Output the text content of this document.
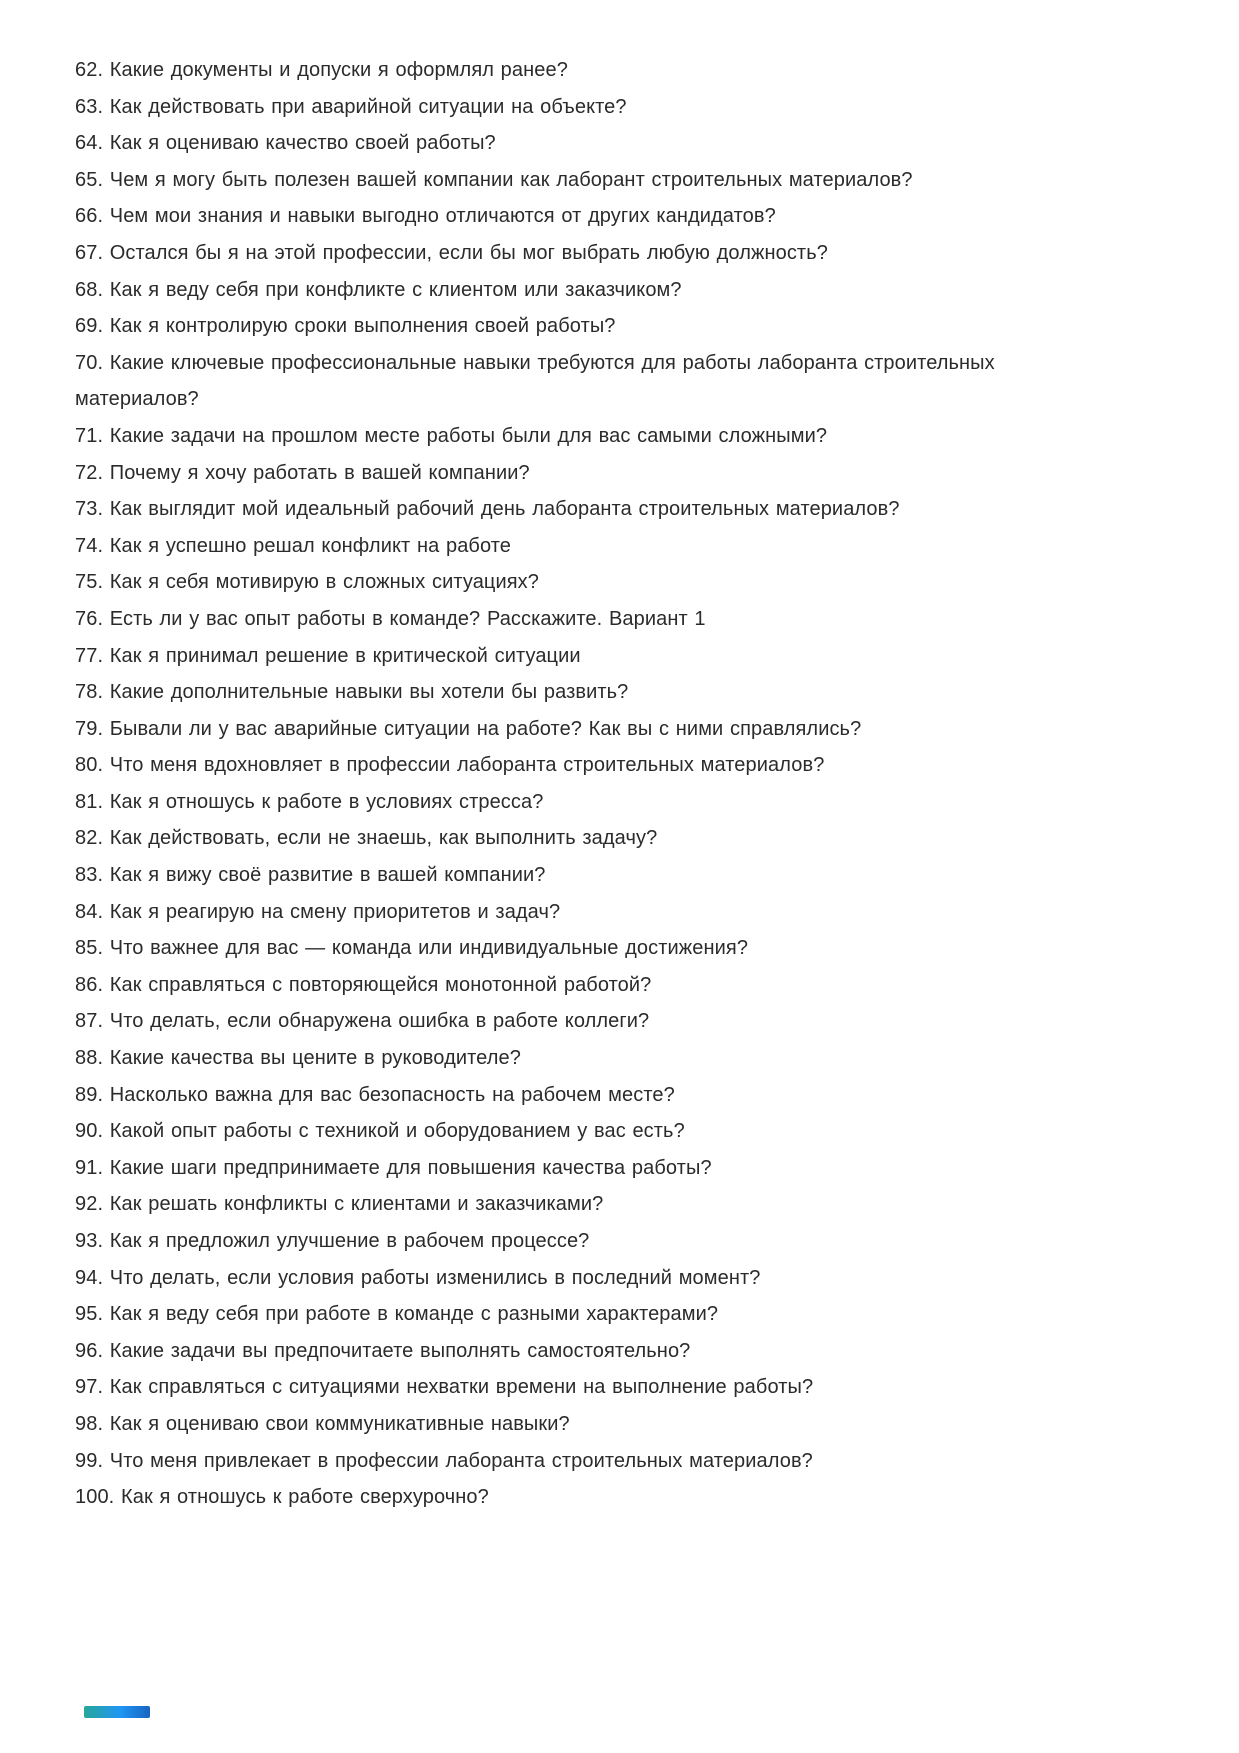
62. Какие документы и допуски я оформлял ранее?

63. Как действовать при аварийной ситуации на объекте?

64. Как я оцениваю качество своей работы?

65. Чем я могу быть полезен вашей компании как лаборант строительных материалов?

66. Чем мои знания и навыки выгодно отличаются от других кандидатов?

67. Остался бы я на этой профессии, если бы мог выбрать любую должность?

68. Как я веду себя при конфликте с клиентом или заказчиком?

69. Как я контролирую сроки выполнения своей работы?

70. Какие ключевые профессиональные навыки требуются для работы лаборанта строительных материалов?

71. Какие задачи на прошлом месте работы были для вас самыми сложными?

72. Почему я хочу работать в вашей компании?

73. Как выглядит мой идеальный рабочий день лаборанта строительных материалов?

74. Как я успешно решал конфликт на работе

75. Как я себя мотивирую в сложных ситуациях?

76. Есть ли у вас опыт работы в команде? Расскажите. Вариант 1

77. Как я принимал решение в критической ситуации

78. Какие дополнительные навыки вы хотели бы развить?

79. Бывали ли у вас аварийные ситуации на работе? Как вы с ними справлялись?

80. Что меня вдохновляет в профессии лаборанта строительных материалов?

81. Как я отношусь к работе в условиях стресса?

82. Как действовать, если не знаешь, как выполнить задачу?

83. Как я вижу своё развитие в вашей компании?

84. Как я реагирую на смену приоритетов и задач?

85. Что важнее для вас — команда или индивидуальные достижения?

86. Как справляться с повторяющейся монотонной работой?

87. Что делать, если обнаружена ошибка в работе коллеги?

88. Какие качества вы цените в руководителе?

89. Насколько важна для вас безопасность на рабочем месте?

90. Какой опыт работы с техникой и оборудованием у вас есть?

91. Какие шаги предпринимаете для повышения качества работы?

92. Как решать конфликты с клиентами и заказчиками?

93. Как я предложил улучшение в рабочем процессе?

94. Что делать, если условия работы изменились в последний момент?

95. Как я веду себя при работе в команде с разными характерами?

96. Какие задачи вы предпочитаете выполнять самостоятельно?

97. Как справляться с ситуациями нехватки времени на выполнение работы?

98. Как я оцениваю свои коммуникативные навыки?

99. Что меня привлекает в профессии лаборанта строительных материалов?

100. Как я отношусь к работе сверхурочно?
